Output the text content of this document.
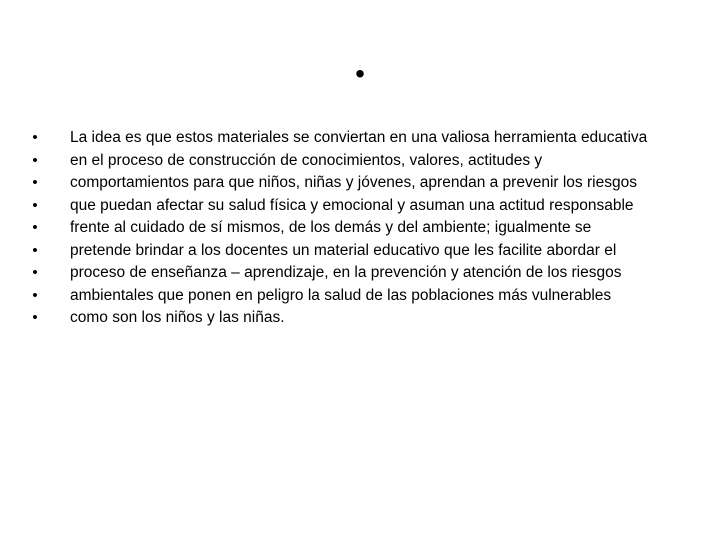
•
• La idea es que estos materiales se conviertan en una valiosa herramienta educativa
• en el proceso de construcción de conocimientos, valores, actitudes y
• comportamientos para que niños, niñas y jóvenes, aprendan a prevenir los riesgos
• que puedan afectar su salud física y emocional y asuman una actitud responsable
• frente al cuidado de sí mismos, de los demás y del ambiente; igualmente se
• pretende brindar a los docentes un material educativo que les facilite abordar el
• proceso de enseñanza – aprendizaje, en la prevención y atención de los riesgos
• ambientales que ponen en peligro la salud de las poblaciones más vulnerables
• como son los niños y las niñas.
